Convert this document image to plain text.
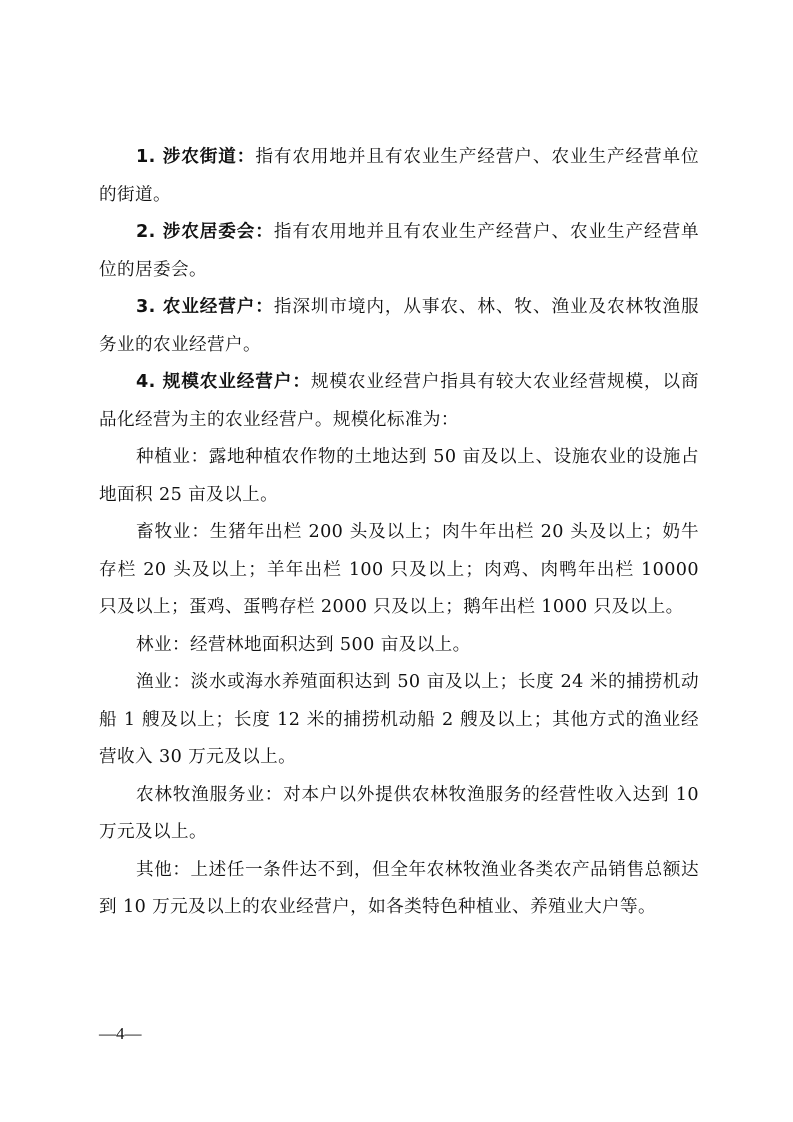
1. 涉农街道：指有农用地并且有农业生产经营户、农业生产经营单位的街道。

2. 涉农居委会：指有农用地并且有农业生产经营户、农业生产经营单位的居委会。

3. 农业经营户：指深圳市境内，从事农、林、牧、渔业及农林牧渔服务业的农业经营户。

4. 规模农业经营户：规模农业经营户指具有较大农业经营规模，以商品化经营为主的农业经营户。规模化标准为：

种植业：露地种植农作物的土地达到 50 亩及以上、设施农业的设施占地面积 25 亩及以上。

畜牧业：生猪年出栏 200 头及以上；肉牛年出栏 20 头及以上；奶牛存栏 20 头及以上；羊年出栏 100 只及以上；肉鸡、肉鸭年出栏 10000 只及以上；蛋鸡、蛋鸭存栏 2000 只及以上；鹅年出栏 1000 只及以上。

林业：经营林地面积达到 500 亩及以上。

渔业：淡水或海水养殖面积达到 50 亩及以上；长度 24 米的捕捞机动船 1 艘及以上；长度 12 米的捕捞机动船 2 艘及以上；其他方式的渔业经营收入 30 万元及以上。

农林牧渔服务业：对本户以外提供农林牧渔服务的经营性收入达到 10 万元及以上。

其他：上述任一条件达不到，但全年农林牧渔业各类农产品销售总额达到 10 万元及以上的农业经营户，如各类特色种植业、养殖业大户等。

—4—
